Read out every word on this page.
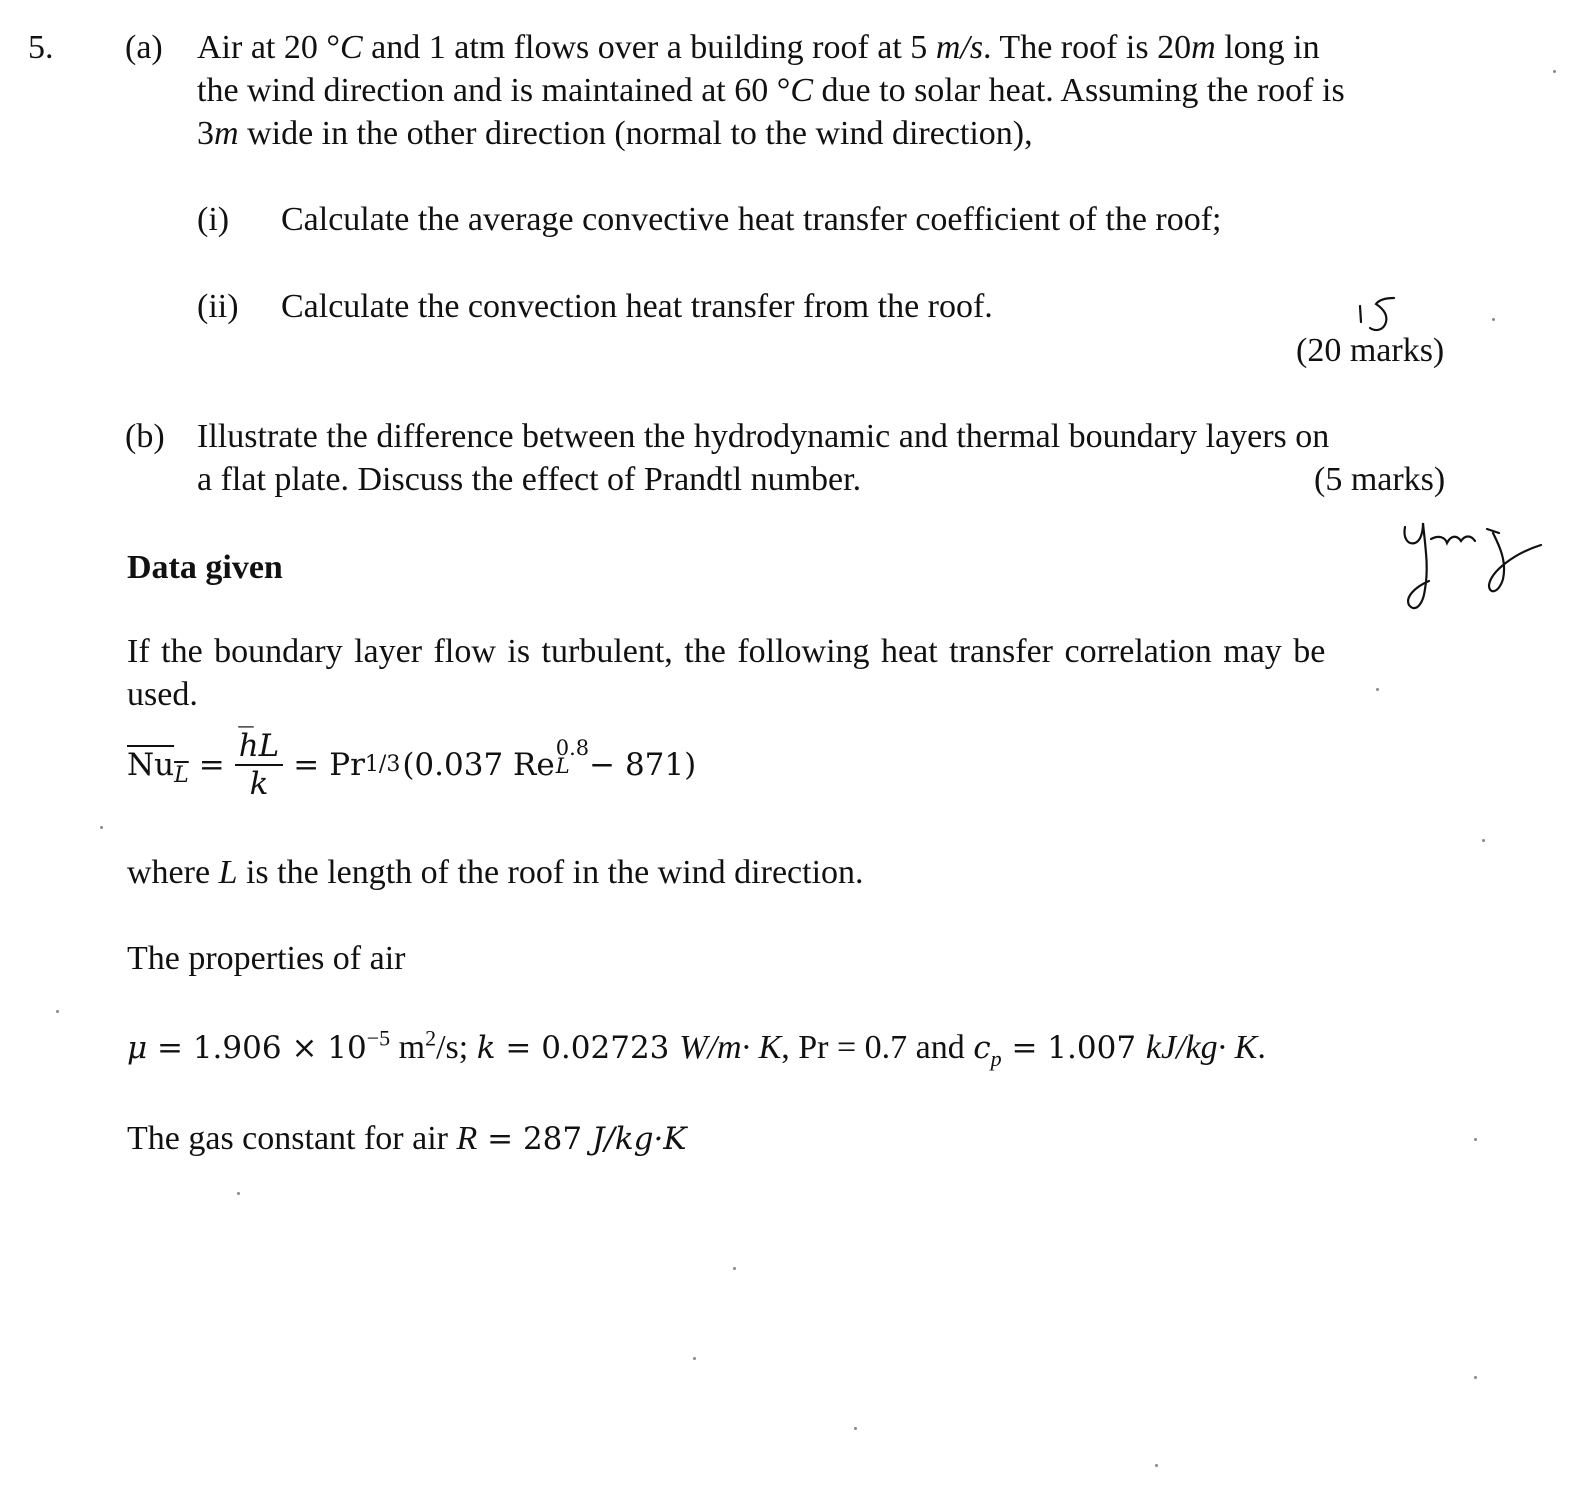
5. (a) Air at 20 °C and 1 atm flows over a building roof at 5 m/s. The roof is 20m long in
the wind direction and is maintained at 60 °C due to solar heat. Assuming the roof is
3m wide in the other direction (normal to the wind direction),
(i) Calculate the average convective heat transfer coefficient of the roof;
(ii) Calculate the convection heat transfer from the roof.
(20 marks)
(b) Illustrate the difference between the hydrodynamic and thermal boundary layers on
a flat plate. Discuss the effect of Prandtl number.	(5 marks)
Data given
If the boundary layer flow is turbulent, the following heat transfer correlation may be
used.
$Nu_L = \frac{h̅L}{k} = Pr$ 1/3 (0.037 Re 0.8
L − 871)
where L is the length of the roof in the wind direction.
The properties of air
$\mu = 1.906 \times 10^{-5}$ $m^2/s$; k = 0.02723 W/m· K, Pr = 0.7 and $c_p = 1.007$ kJ/kg· K.
The gas constant for air R = 287 J/kg·K
